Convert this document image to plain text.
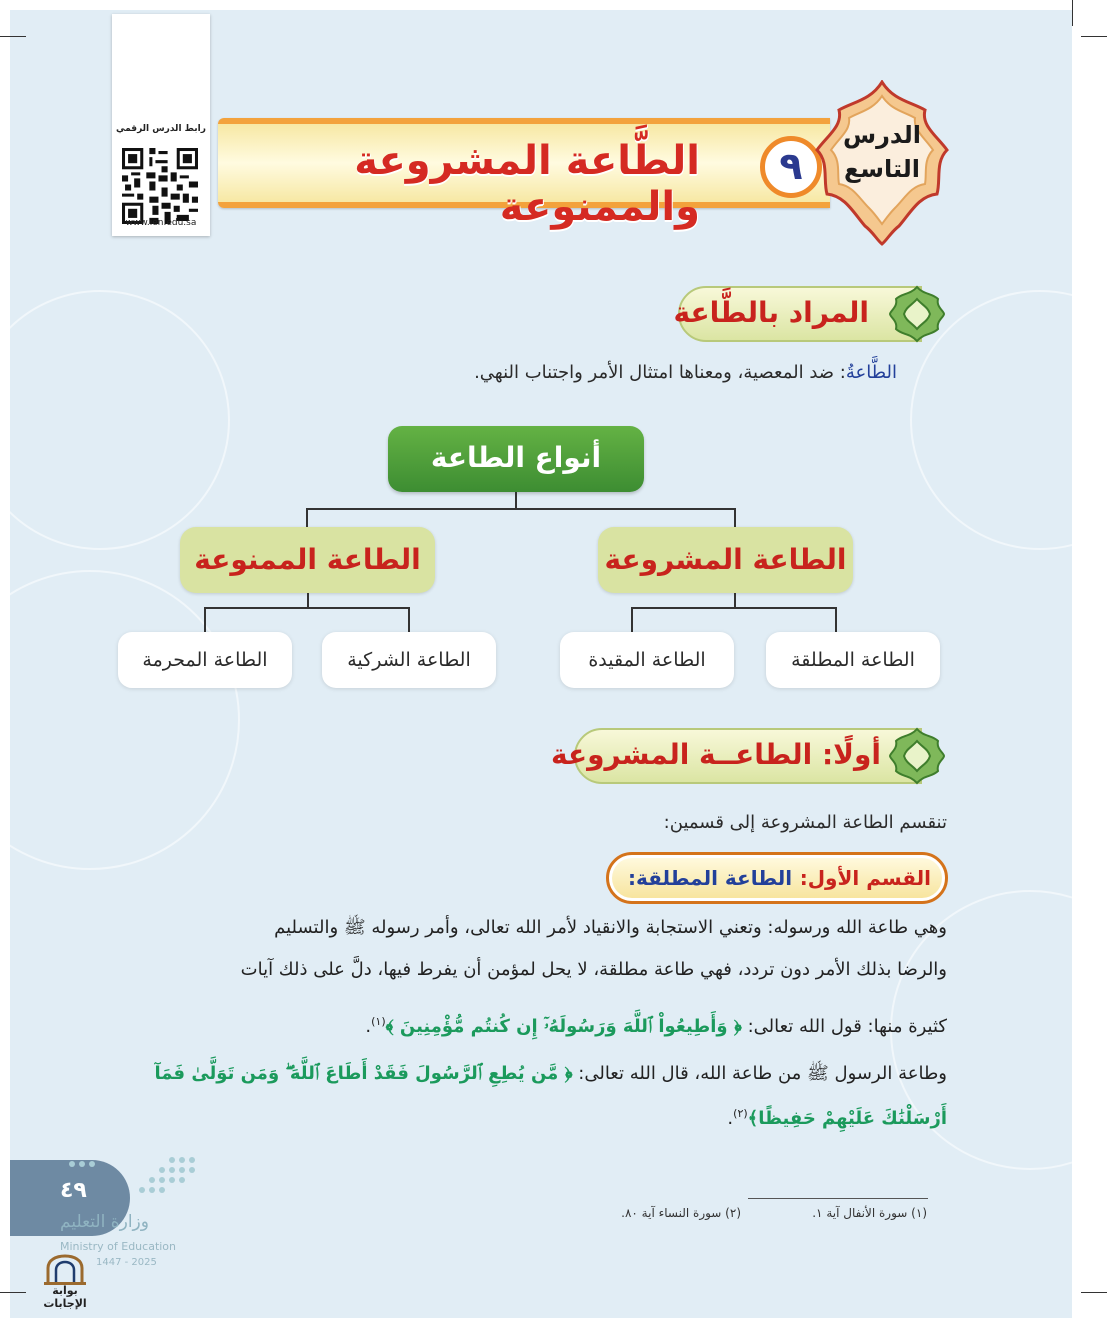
رابط الدرس الرقمي
www.ien.edu.sa
الطَّاعة المشروعة والممنوعة
٩
الدرس
التاسع
المراد بالطَّاعة
الطَّاعةُ: ضد المعصية، ومعناها امتثال الأمر واجتناب النهي.
أنواع الطاعة
الطاعة المشروعة
الطاعة الممنوعة
الطاعة المطلقة
الطاعة المقيدة
الطاعة الشركية
الطاعة المحرمة
أولًا: الطاعــة المشروعة
تنقسم الطاعة المشروعة إلى قسمين:
القسم الأول:
الطاعة المطلقة:
وهي طاعة الله ورسوله: وتعني الاستجابة والانقياد لأمر الله تعالى، وأمر رسوله ﷺ والتسليم
والرضا بذلك الأمر دون تردد، فهي طاعة مطلقة، لا يحل لمؤمن أن يفرط فيها، دلَّ على ذلك آيات
كثيرة منها: قول الله تعالى: ﴿ وَأَطِيعُواْ ٱللَّهَ وَرَسُولَهُۥٓ إِن كُنتُم مُّؤْمِنِينَ ﴾$^{(١)}$.
وطاعة الرسول ﷺ من طاعة الله، قال الله تعالى: ﴿ مَّن يُطِعِ ٱلرَّسُولَ فَقَدْ أَطَاعَ ٱللَّهَ ۖ وَمَن تَوَلَّىٰ فَمَآ
أَرْسَلْنَٰكَ عَلَيْهِمْ حَفِيظًا﴾$^{(٢)}$.
(١) سورة الأنفال آية ١.
(٢) سورة النساء آية ٨٠.
٤٩
وزارة التعليم
Ministry of Education
2025 - 1447
بوابة الإجابات
